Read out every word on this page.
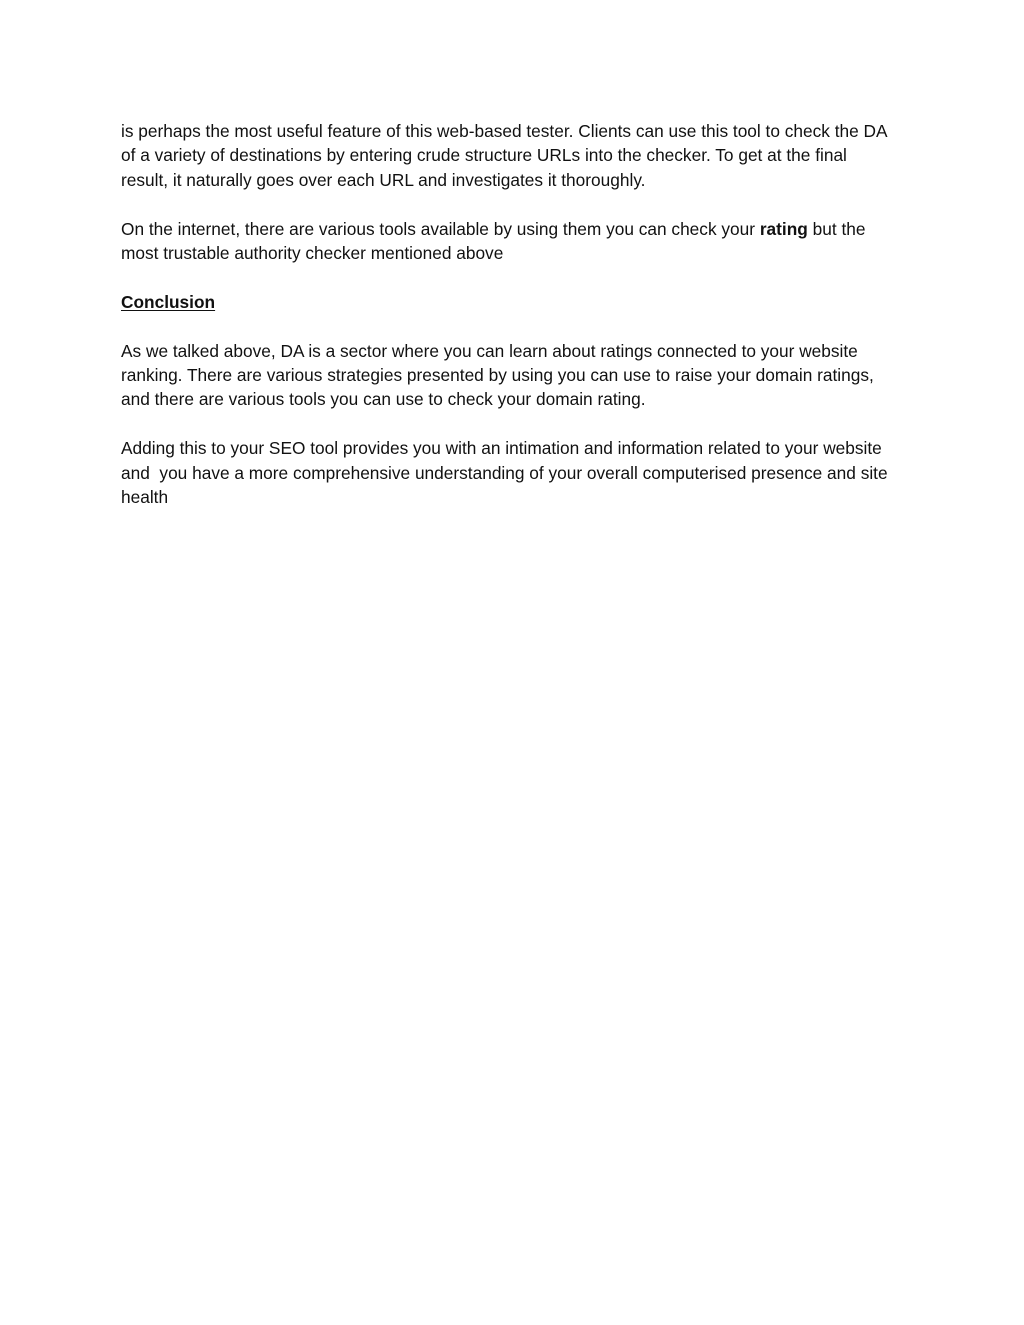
is perhaps the most useful feature of this web-based tester. Clients can use this tool to check the DA of a variety of destinations by entering crude structure URLs into the checker. To get at the final result, it naturally goes over each URL and investigates it thoroughly.

On the internet, there are various tools available by using them you can check your rating but the most trustable authority checker mentioned above

Conclusion

As we talked above, DA is a sector where you can learn about ratings connected to your website ranking. There are various strategies presented by using you can use to raise your domain ratings, and there are various tools you can use to check your domain rating.

Adding this to your SEO tool provides you with an intimation and information related to your website and  you have a more comprehensive understanding of your overall computerised presence and site health
